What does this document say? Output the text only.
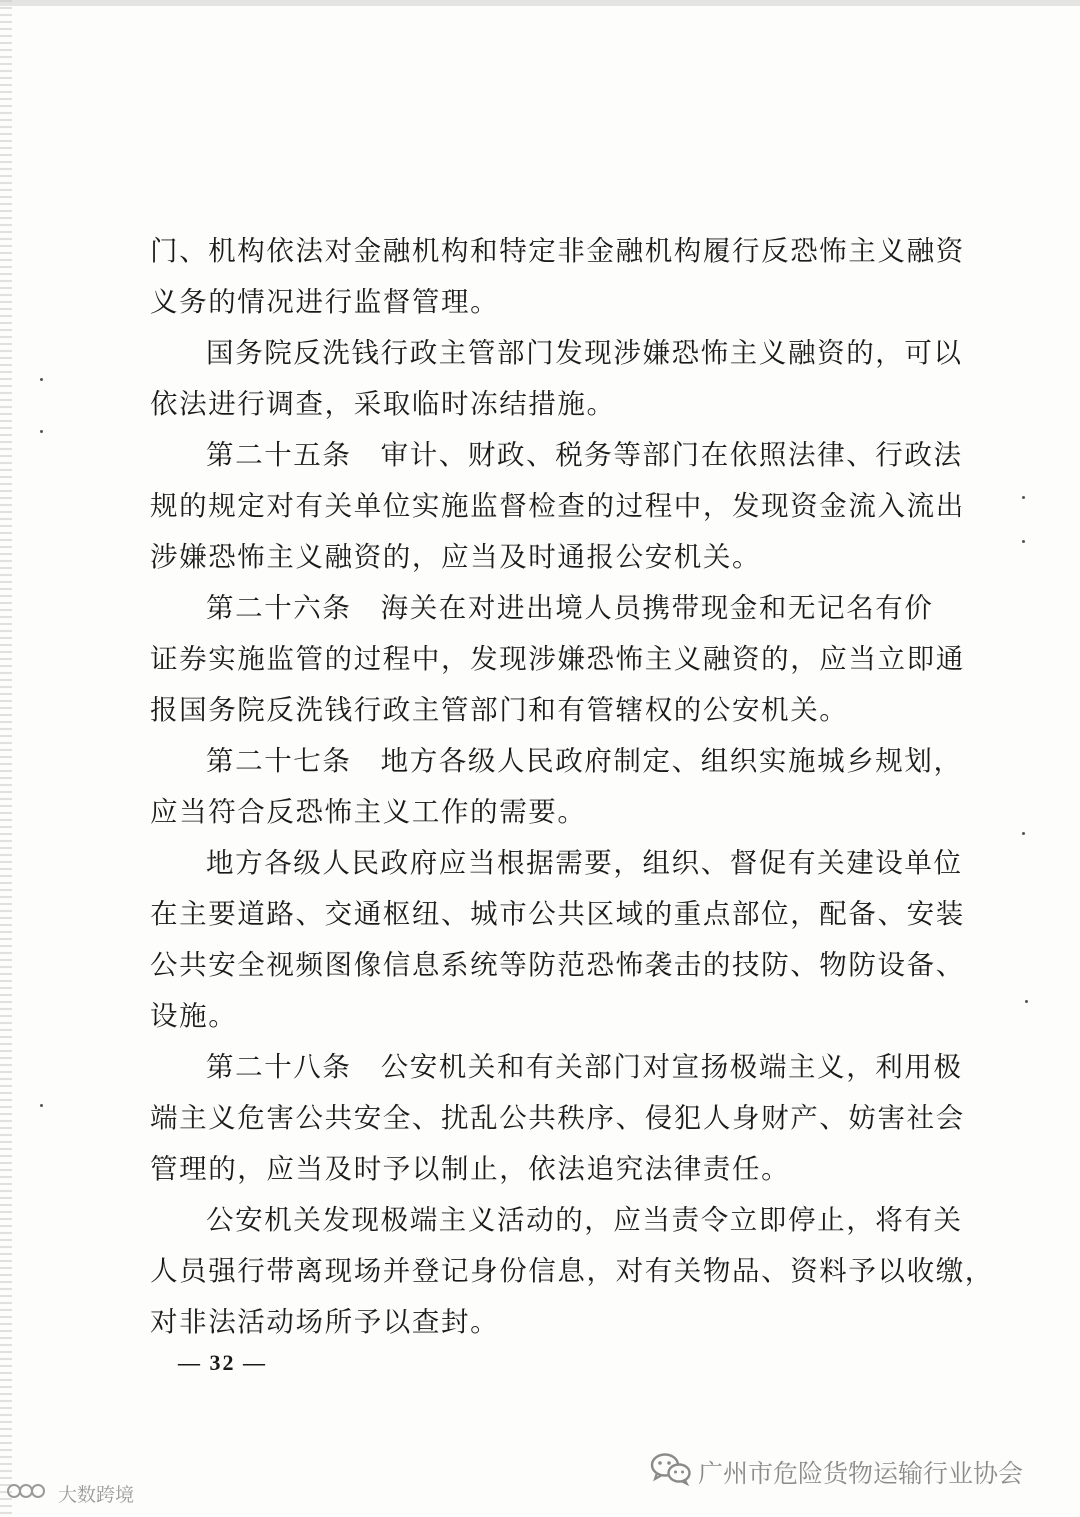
门、机构依法对金融机构和特定非金融机构履行反恐怖主义融资
义务的情况进行监督管理。
国务院反洗钱行政主管部门发现涉嫌恐怖主义融资的，可以
依法进行调查，采取临时冻结措施。
第二十五条　审计、财政、税务等部门在依照法律、行政法
规的规定对有关单位实施监督检查的过程中，发现资金流入流出
涉嫌恐怖主义融资的，应当及时通报公安机关。
第二十六条　海关在对进出境人员携带现金和无记名有价
证券实施监管的过程中，发现涉嫌恐怖主义融资的，应当立即通
报国务院反洗钱行政主管部门和有管辖权的公安机关。
第二十七条　地方各级人民政府制定、组织实施城乡规划，
应当符合反恐怖主义工作的需要。
地方各级人民政府应当根据需要，组织、督促有关建设单位
在主要道路、交通枢纽、城市公共区域的重点部位，配备、安装
公共安全视频图像信息系统等防范恐怖袭击的技防、物防设备、
设施。
第二十八条　公安机关和有关部门对宣扬极端主义，利用极
端主义危害公共安全、扰乱公共秩序、侵犯人身财产、妨害社会
管理的，应当及时予以制止，依法追究法律责任。
公安机关发现极端主义活动的，应当责令立即停止，将有关
人员强行带离现场并登记身份信息，对有关物品、资料予以收缴，
对非法活动场所予以查封。
— 32 —
广州市危险货物运输行业协会
大数跨境
